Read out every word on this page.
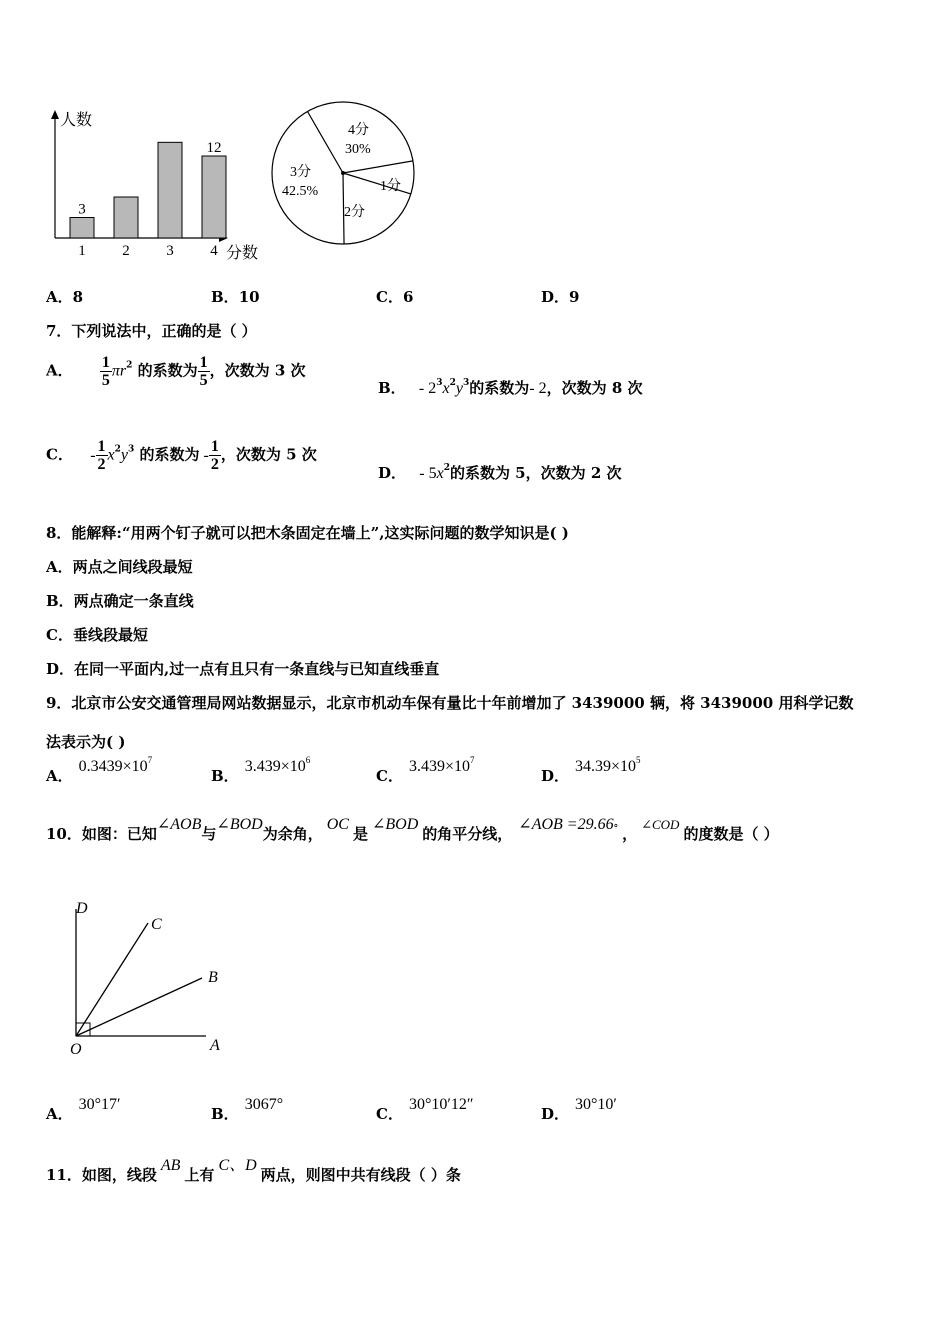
人数
分数
1
3
2 3 4
12
4分
30%
1分
2分
3分
42.5%
A．8	B．10	C．6	D．9
7．下列说法中，正确的是（ ）
A． $\frac{1}{5} \pi r^2$ 的系数为 $\frac{1}{5}$ ，次数为 3 次
B． - $2^3x^2y^3$的系数为- 2，次数为 8 次
C． - $\frac{1}{2} x^2y^3$ 的系数为 - $\frac{1}{2}$ ，次数为 5 次
D． - $5x^2$的系数为 5，次数为 2 次
8．能解释:“用两个钉子就可以把木条固定在墙上”,这实际问题的数学知识是( )
A．两点之间线段最短
B．两点确定一条直线
C．垂线段最短
D．在同一平面内,过一点有且只有一条直线与已知直线垂直
9．北京市公安交通管理局网站数据显示，北京市机动车保有量比十年前增加了 3439000 辆，将 3439000 用科学记数
法表示为( )
A．$0.3439\times 10^7$
B．$3.439\times 10^6$
C．$3.439\times 10^7$
D．$34.39\times 10^5$
10．如图：已知∠AOB与∠BOD为余角，OC是∠BOD的角平分线，∠AOB =29.66° ，∠COD的度数是（ ）
D
C
B
O	A
A．30°17′
B．3067°
C．30°10′12″
D．30°10′
11．如图，线段AB上有C、D两点，则图中共有线段（ ）条
